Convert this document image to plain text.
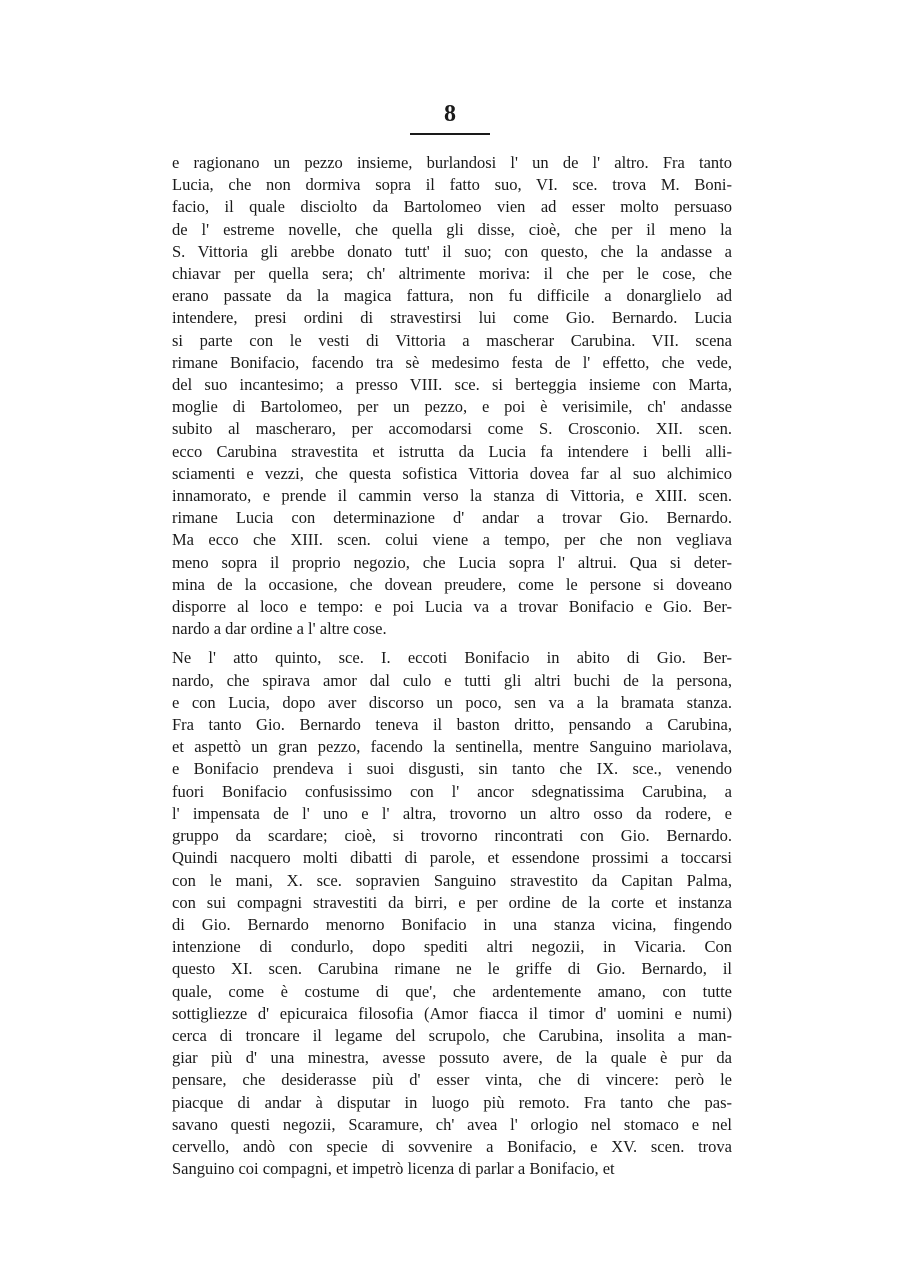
8
e ragionano un pezzo insieme, burlandosi l' un de l' altro. Fra tanto
Lucia, che non dormiva sopra il fatto suo, VI. sce. trova M. Boni-
facio, il quale disciolto da Bartolomeo vien ad esser molto persuaso
de l' estreme novelle, che quella gli disse, cioè, che per il meno la
S. Vittoria gli arebbe donato tutt' il suo; con questo, che la andasse a
chiavar per quella sera; ch' altrimente moriva: il che per le cose, che
erano passate da la magica fattura, non fu difficile a donarglielo ad
intendere, presi ordini di stravestirsi lui come Gio. Bernardo. Lucia
si parte con le vesti di Vittoria a mascherar Carubina. VII. scena
rimane Bonifacio, facendo tra sè medesimo festa de l' effetto, che vede,
del suo incantesimo; a presso VIII. sce. si berteggia insieme con Marta,
moglie di Bartolomeo, per un pezzo, e poi è verisimile, ch' andasse
subito al mascheraro, per accomodarsi come S. Crosconio. XII. scen.
ecco Carubina stravestita et istrutta da Lucia fa intendere i belli alli-
sciamenti e vezzi, che questa sofistica Vittoria dovea far al suo alchimico
innamorato, e prende il cammin verso la stanza di Vittoria, e XIII. scen.
rimane Lucia con determinazione d' andar a trovar Gio. Bernardo.
Ma ecco che XIII. scen. colui viene a tempo, per che non vegliava
meno sopra il proprio negozio, che Lucia sopra l' altrui. Qua si deter-
mina de la occasione, che dovean preudere, come le persone si doveano
disporre al loco e tempo: e poi Lucia va a trovar Bonifacio e Gio. Ber-
nardo a dar ordine a l' altre cose.
Ne l' atto quinto, sce. I. eccoti Bonifacio in abito di Gio. Ber-
nardo, che spirava amor dal culo e tutti gli altri buchi de la persona,
e con Lucia, dopo aver discorso un poco, sen va a la bramata stanza.
Fra tanto Gio. Bernardo teneva il baston dritto, pensando a Carubina,
et aspettò un gran pezzo, facendo la sentinella, mentre Sanguino mariolava,
e Bonifacio prendeva i suoi disgusti, sin tanto che IX. sce., venendo
fuori Bonifacio confusissimo con l' ancor sdegnatissima Carubina, a
l' impensata de l' uno e l' altra, trovorno un altro osso da rodere, e
gruppo da scardare; cioè, si trovorno rincontrati con Gio. Bernardo.
Quindi nacquero molti dibatti di parole, et essendone prossimi a toccarsi
con le mani, X. sce. sopravien Sanguino stravestito da Capitan Palma,
con sui compagni stravestiti da birri, e per ordine de la corte et instanza
di Gio. Bernardo menorno Bonifacio in una stanza vicina, fingendo
intenzione di condurlo, dopo spediti altri negozii, in Vicaria. Con
questo XI. scen. Carubina rimane ne le griffe di Gio. Bernardo, il
quale, come è costume di que', che ardentemente amano, con tutte
sottigliezze d' epicuraica filosofia (Amor fiacca il timor d' uomini e numi)
cerca di troncare il legame del scrupolo, che Carubina, insolita a man-
giar più d' una minestra, avesse possuto avere, de la quale è pur da
pensare, che desiderasse più d' esser vinta, che di vincere: però le
piacque di andar à disputar in luogo più remoto. Fra tanto che pas-
savano questi negozii, Scaramure, ch' avea l' orlogio nel stomaco e nel
cervello, andò con specie di sovvenire a Bonifacio, e XV. scen. trova
Sanguino coi compagni, et impetrò licenza di parlar a Bonifacio, et
